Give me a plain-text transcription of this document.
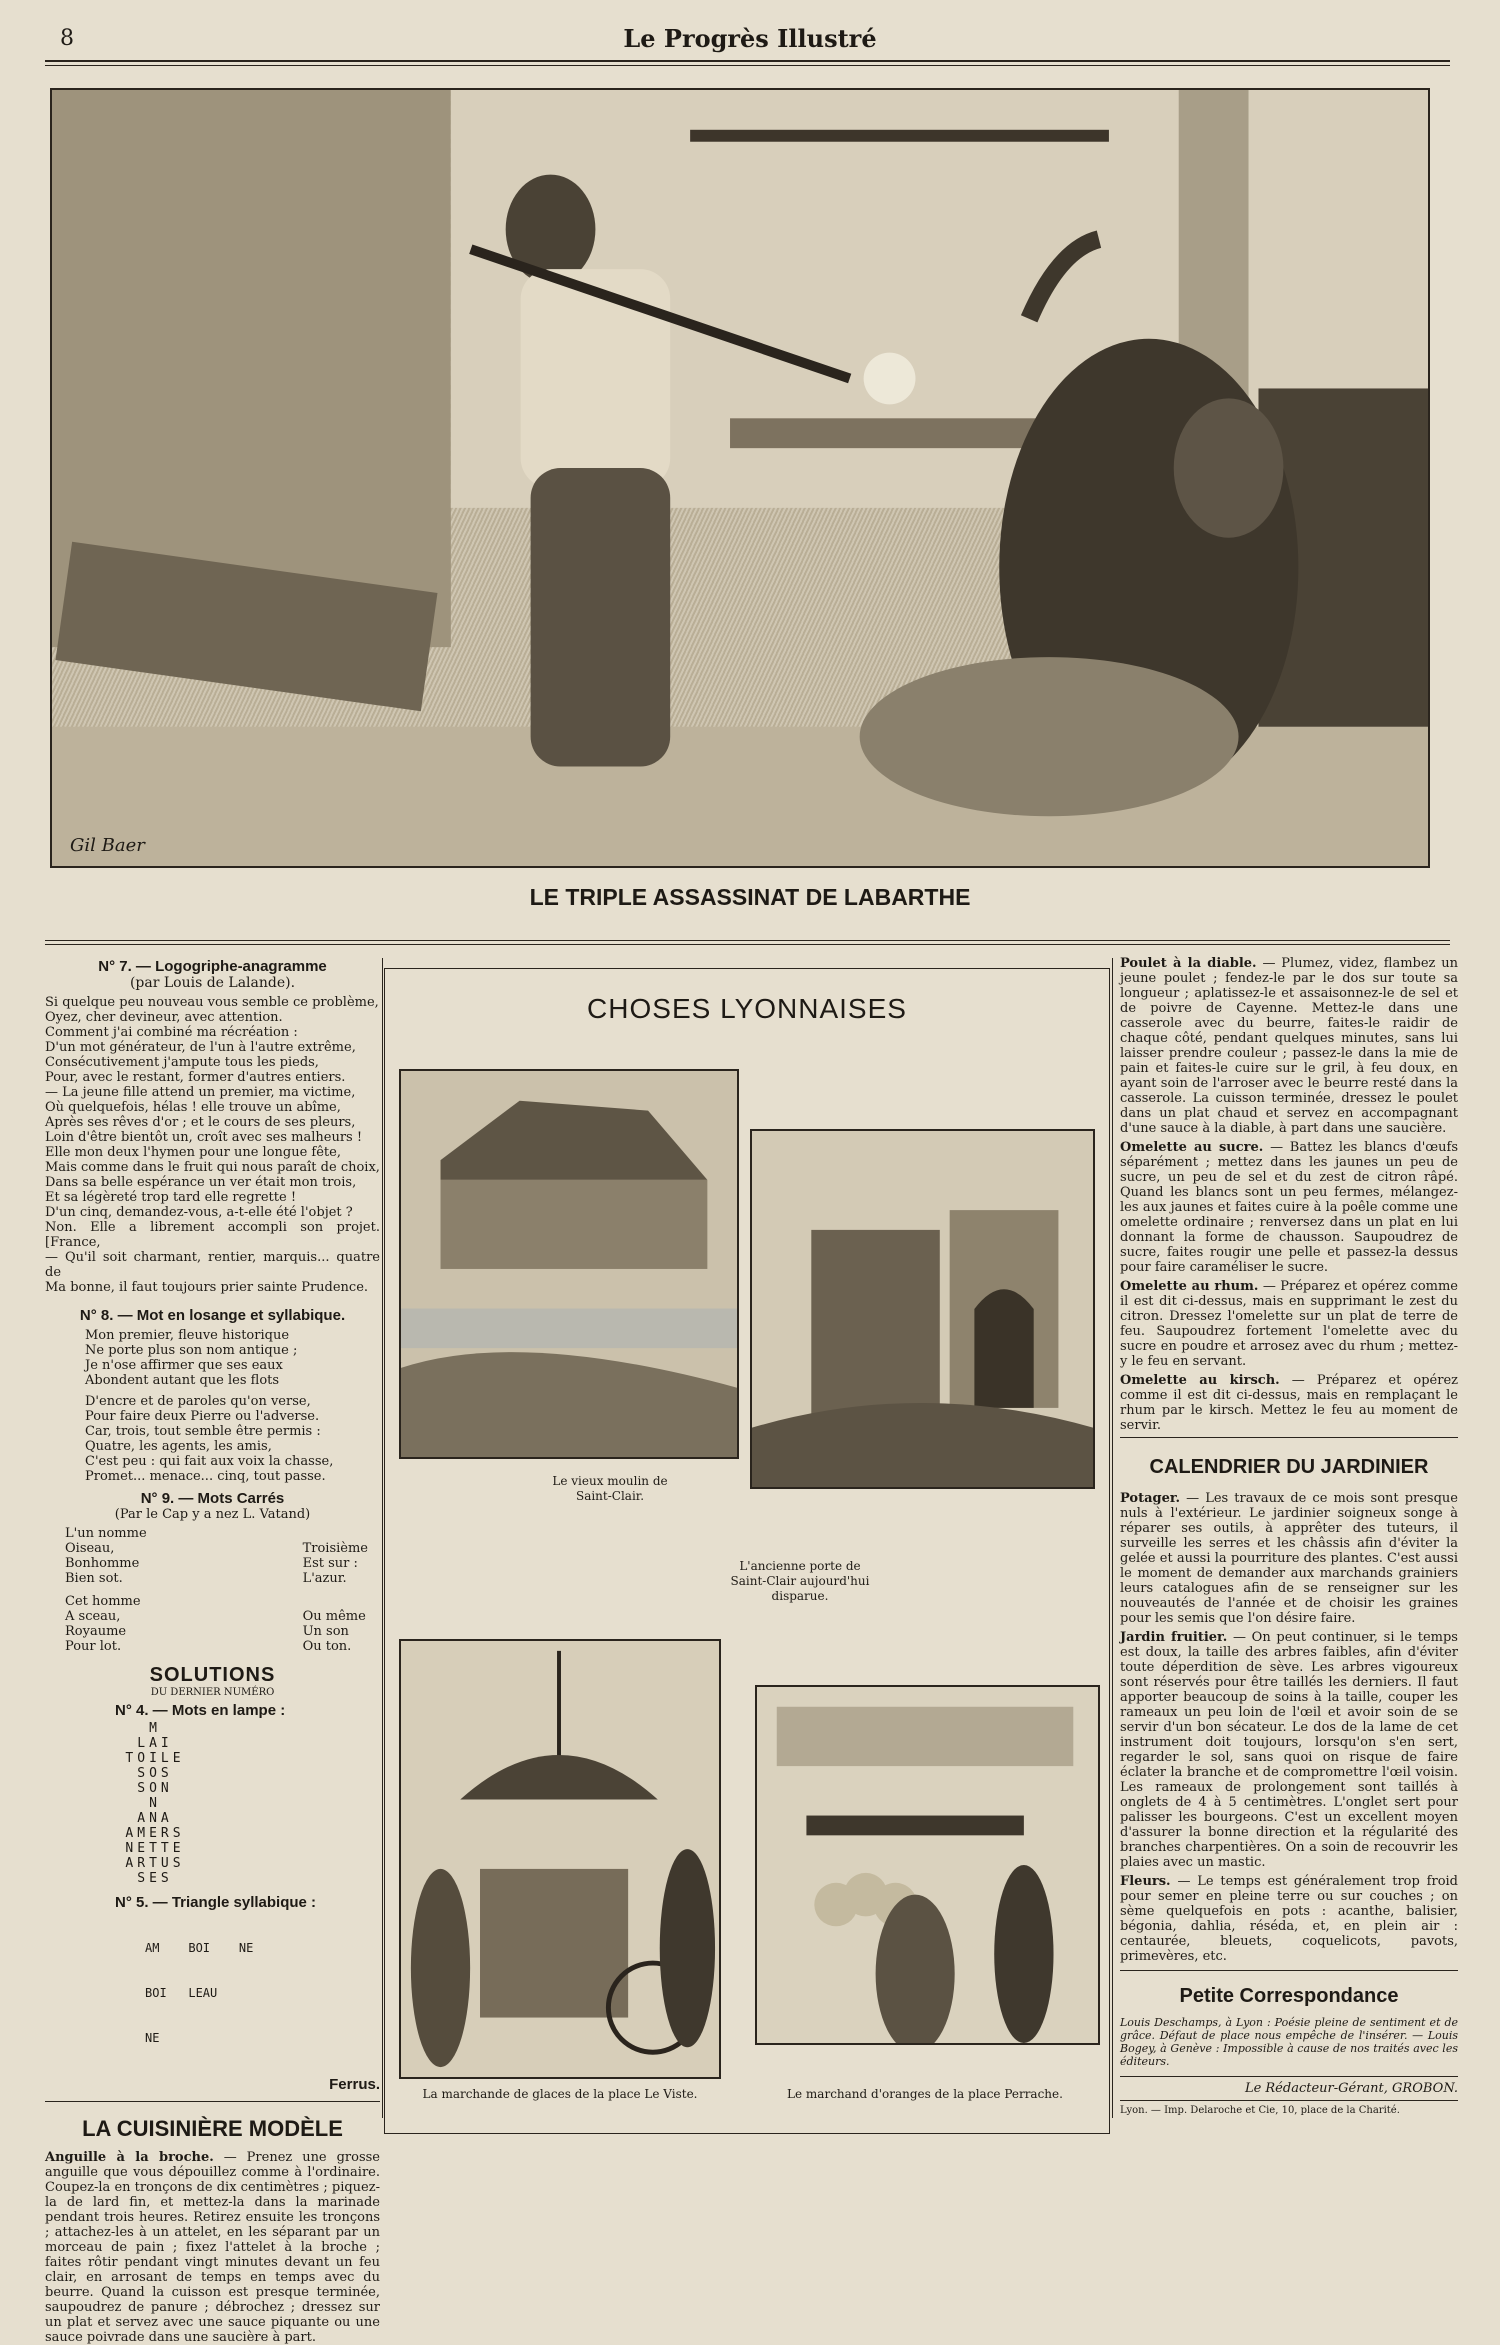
8	Le Progrès Illustré
Gil Baer
LE TRIPLE ASSASSINAT DE LABARTHE
N° 7. — Logogriphe-anagramme
(par Louis de Lalande).
Si quelque peu nouveau vous semble ce problème,
Oyez, cher devineur, avec attention.
Comment j'ai combiné ma récréation :
D'un mot générateur, de l'un à l'autre extrême,
Consécutivement j'ampute tous les pieds,
Pour, avec le restant, former d'autres entiers.
— La jeune fille attend un premier, ma victime,
Où quelquefois, hélas ! elle trouve un abîme,
Après ses rêves d'or ; et le cours de ses pleurs,
Loin d'être bientôt un, croît avec ses malheurs !
Elle mon deux l'hymen pour une longue fête,
Mais comme dans le fruit qui nous paraît de choix,
Dans sa belle espérance un ver était mon trois,
Et sa légèreté trop tard elle regrette !
D'un cinq, demandez-vous, a-t-elle été l'objet ?
Non. Elle a librement accompli son projet. [France,
— Qu'il soit charmant, rentier, marquis... quatre de
Ma bonne, il faut toujours prier sainte Prudence.
N° 8. — Mot en losange et syllabique.
Mon premier, fleuve historique
Ne porte plus son nom antique ;
Je n'ose affirmer que ses eaux
Abondent autant que les flots
D'encre et de paroles qu'on verse,
Pour faire deux Pierre ou l'adverse.
Car, trois, tout semble être permis :
Quatre, les agents, les amis,
C'est peu : qui fait aux voix la chasse,
Promet... menace... cinq, tout passe.
N° 9. — Mots Carrés
(Par le Cap y a nez L. Vatand)
L'un nomme
Oiseau,
Bonhomme
Bien sot.
Cet homme
A sceau,
Royaume
Pour lot.
Troisième
Est sur :
L'azur.
Ou même
Un son
Ou ton.
SOLUTIONS
DU DERNIER NUMÉRO
N° 4. — Mots en lampe :
M
LAI
TOILE
SOS
SON
N
ANA
AMERS
NETTE
ARTUS
SES
N° 5. — Triangle syllabique :

AM    BOI    NE

BOI   LEAU

NE

Ferrus.
LA CUISINIÈRE MODÈLE
Anguille à la broche. — Prenez une grosse anguille que vous dépouillez comme à l'ordinaire. Coupez-la en tronçons de dix centimètres ; piquez-la de lard fin, et mettez-la dans la marinade pendant trois heures. Retirez ensuite les tronçons ; attachez-les à un attelet, en les séparant par un morceau de pain ; fixez l'attelet à la broche ; faites rôtir pendant vingt minutes devant un feu clair, en arrosant de temps en temps avec du beurre. Quand la cuisson est presque terminée, saupoudrez de panure ; débrochez ; dressez sur un plat et servez avec une sauce piquante ou une sauce poivrade dans une saucière à part.
CHOSES LYONNAISES
Le vieux moulin de Saint-Clair.
L'ancienne porte de Saint-Clair aujourd'hui disparue.
La marchande de glaces de la place Le Viste.	Le marchand d'oranges de la place Perrache.
Poulet à la diable. — Plumez, videz, flambez un jeune poulet ; fendez-le par le dos sur toute sa longueur ; aplatissez-le et assaisonnez-le de sel et de poivre de Cayenne. Mettez-le dans une casserole avec du beurre, faites-le raidir de chaque côté, pendant quelques minutes, sans lui laisser prendre couleur ; passez-le dans la mie de pain et faites-le cuire sur le gril, à feu doux, en ayant soin de l'arroser avec le beurre resté dans la casserole. La cuisson terminée, dressez le poulet dans un plat chaud et servez en accompagnant d'une sauce à la diable, à part dans une saucière.
Omelette au sucre. — Battez les blancs d'œufs séparément ; mettez dans les jaunes un peu de sucre, un peu de sel et du zest de citron râpé. Quand les blancs sont un peu fermes, mélangez-les aux jaunes et faites cuire à la poêle comme une omelette ordinaire ; renversez dans un plat en lui donnant la forme de chausson. Saupoudrez de sucre, faites rougir une pelle et passez-la dessus pour faire caraméliser le sucre.
Omelette au rhum. — Préparez et opérez comme il est dit ci-dessus, mais en supprimant le zest du citron. Dressez l'omelette sur un plat de terre de feu. Saupoudrez fortement l'omelette avec du sucre en poudre et arrosez avec du rhum ; mettez-y le feu en servant.
Omelette au kirsch. — Préparez et opérez comme il est dit ci-dessus, mais en remplaçant le rhum par le kirsch. Mettez le feu au moment de servir.
CALENDRIER DU JARDINIER
Potager. — Les travaux de ce mois sont presque nuls à l'extérieur. Le jardinier soigneux songe à réparer ses outils, à apprêter des tuteurs, il surveille les serres et les châssis afin d'éviter la gelée et aussi la pourriture des plantes. C'est aussi le moment de demander aux marchands grainiers leurs catalogues afin de se renseigner sur les nouveautés de l'année et de choisir les graines pour les semis que l'on désire faire.
Jardin fruitier. — On peut continuer, si le temps est doux, la taille des arbres faibles, afin d'éviter toute déperdition de sève. Les arbres vigoureux sont réservés pour être taillés les derniers. Il faut apporter beaucoup de soins à la taille, couper les rameaux un peu loin de l'œil et avoir soin de se servir d'un bon sécateur. Le dos de la lame de cet instrument doit toujours, lorsqu'on s'en sert, regarder le sol, sans quoi on risque de faire éclater la branche et de compromettre l'œil voisin. Les rameaux de prolongement sont taillés à onglets de 4 à 5 centimètres. L'onglet sert pour palisser les bourgeons. C'est un excellent moyen d'assurer la bonne direction et la régularité des branches charpentières. On a soin de recouvrir les plaies avec un mastic.
Fleurs. — Le temps est généralement trop froid pour semer en pleine terre ou sur couches ; on sème quelquefois en pots : acanthe, balisier, bégonia, dahlia, réséda, et, en plein air : centaurée, bleuets, coquelicots, pavots, primevères, etc.
Petite Correspondance
Louis Deschamps, à Lyon : Poésie pleine de sentiment et de grâce. Défaut de place nous empêche de l'insérer. — Louis Bogey, à Genève : Impossible à cause de nos traités avec les éditeurs.
Le Rédacteur-Gérant, GROBON.
Lyon. — Imp. Delaroche et Cie, 10, place de la Charité.
